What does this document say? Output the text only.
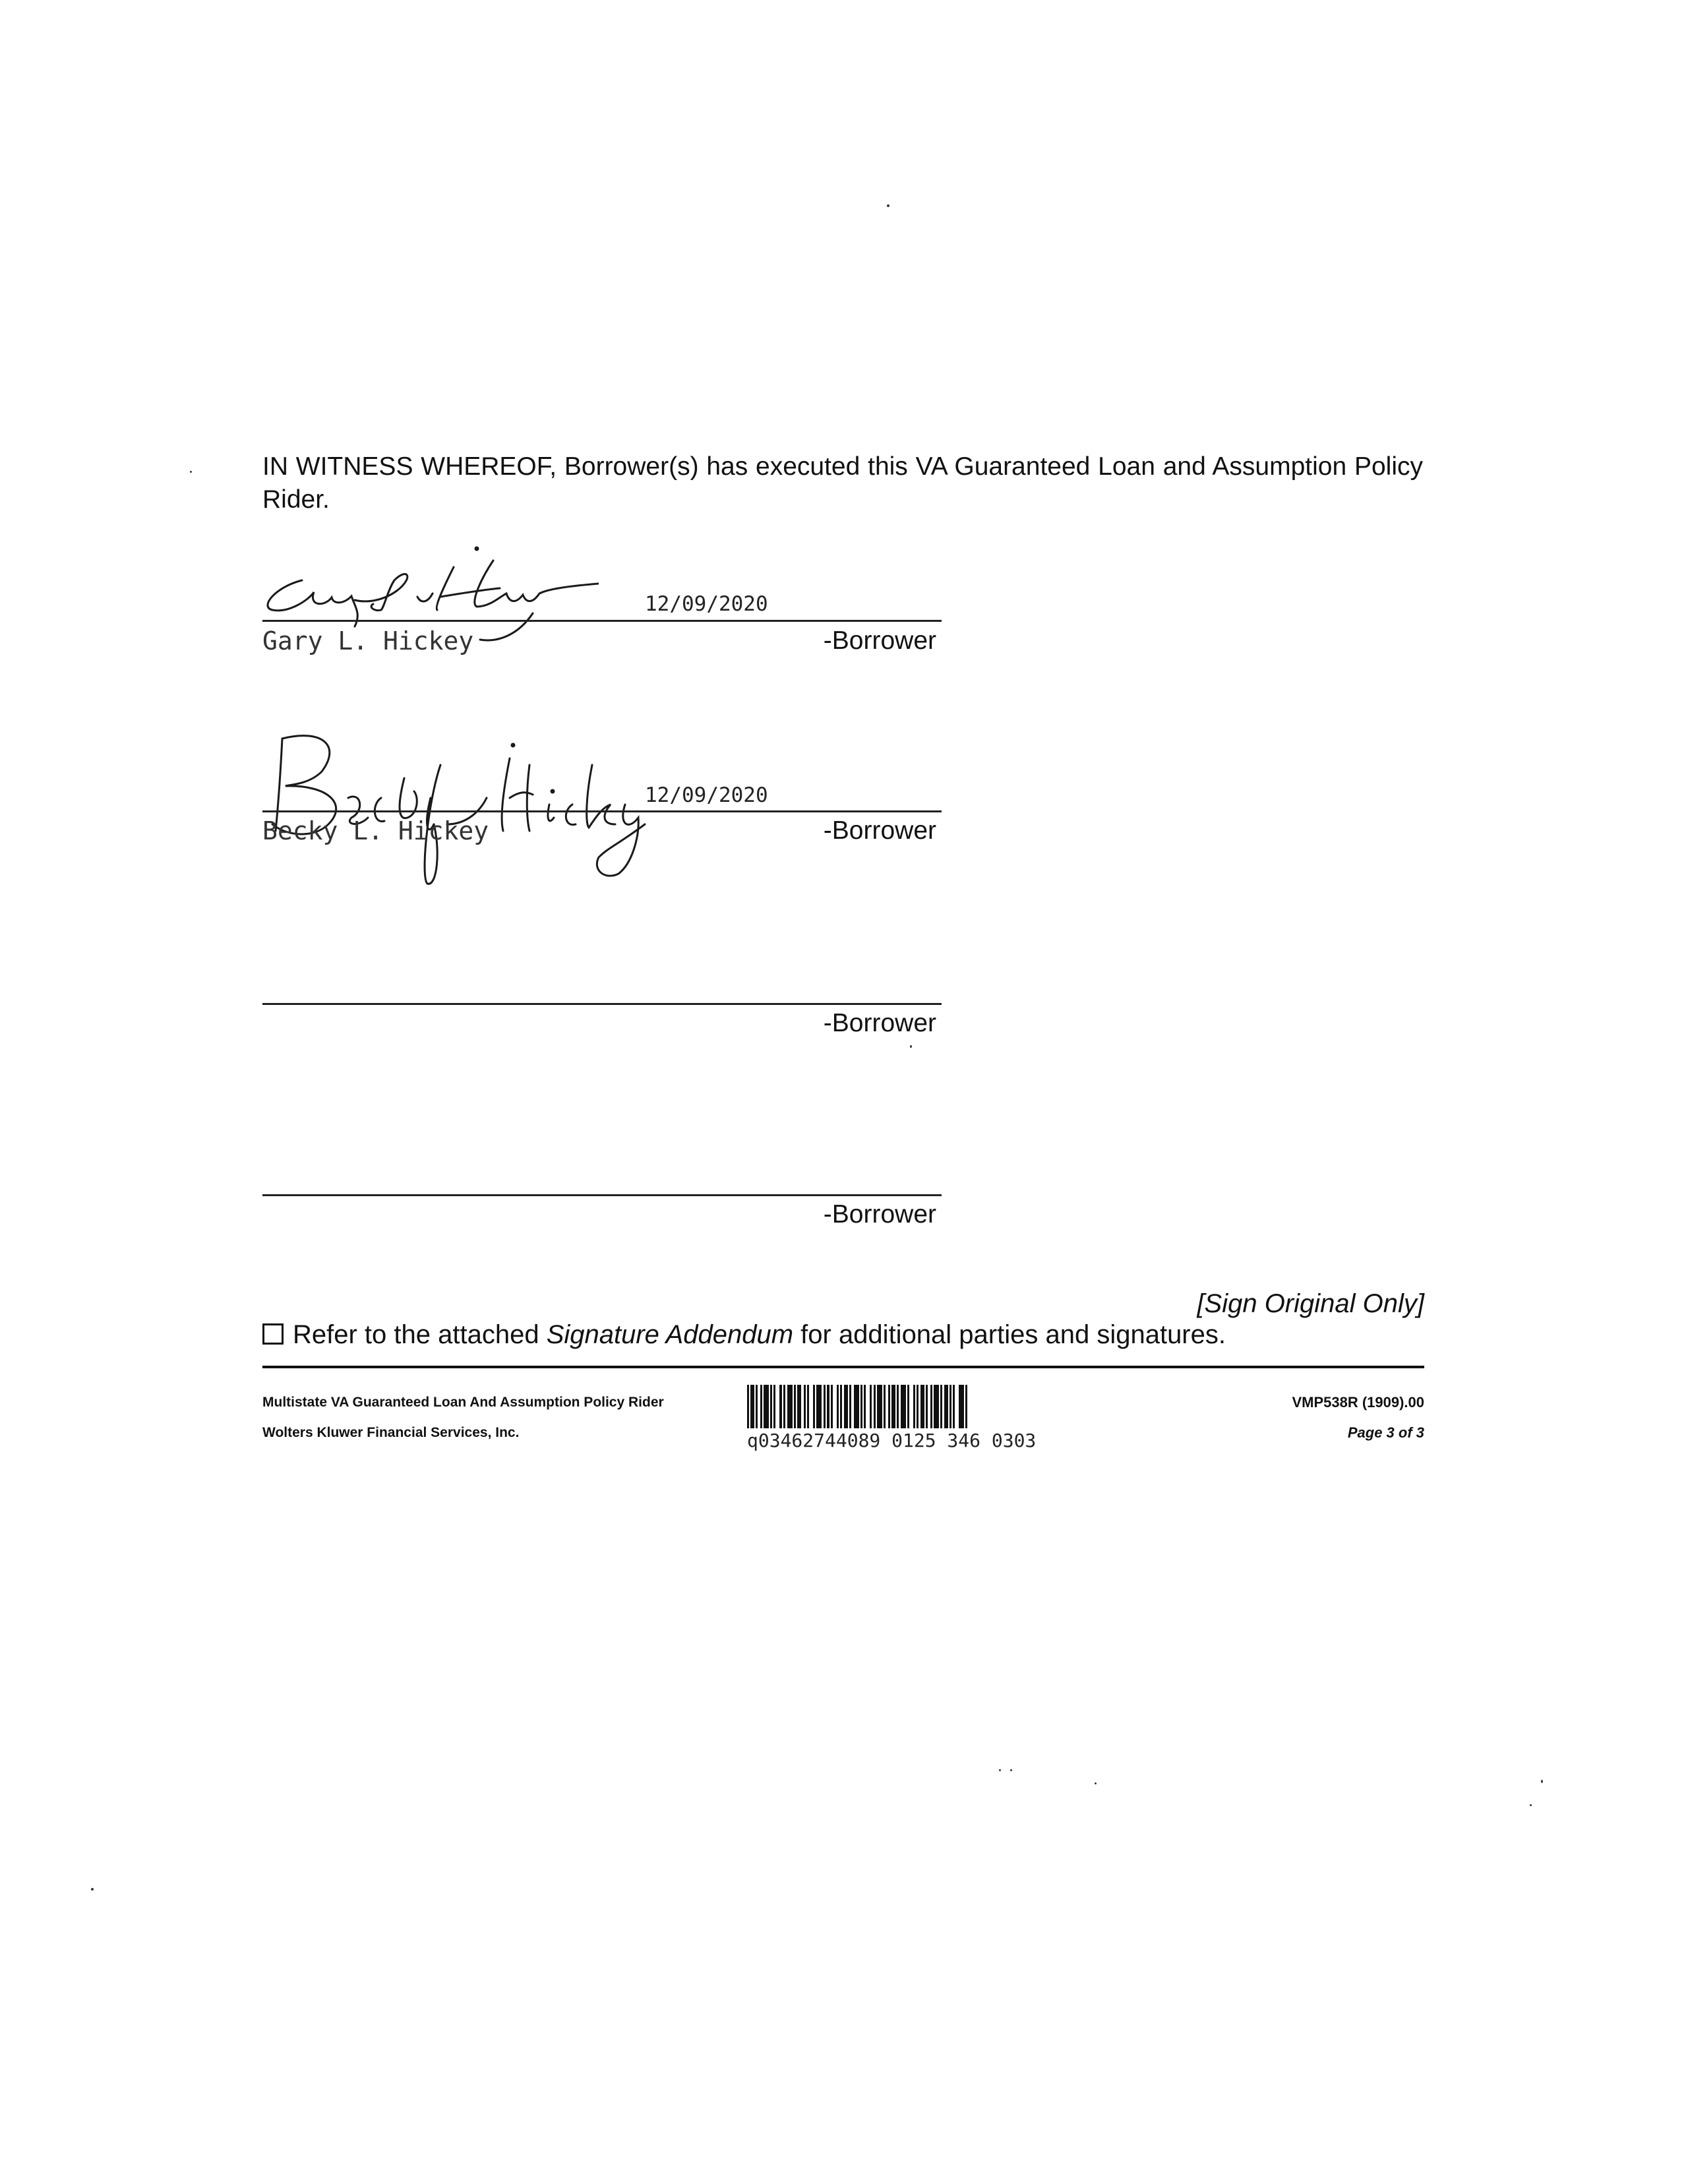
IN WITNESS WHEREOF, Borrower(s) has executed this VA Guaranteed Loan and Assumption Policy Rider.
12/09/2020
Gary L. Hickey	-Borrower
12/09/2020
Becky L. Hickey	-Borrower
-Borrower
-Borrower
[Sign Original Only]
Refer to the attached Signature Addendum for additional parties and signatures.
Multistate VA Guaranteed Loan And Assumption Policy Rider
Wolters Kluwer Financial Services, Inc.	q03462744089 0125 346 0303
VMP538R (1909).00
Page 3 of 3
